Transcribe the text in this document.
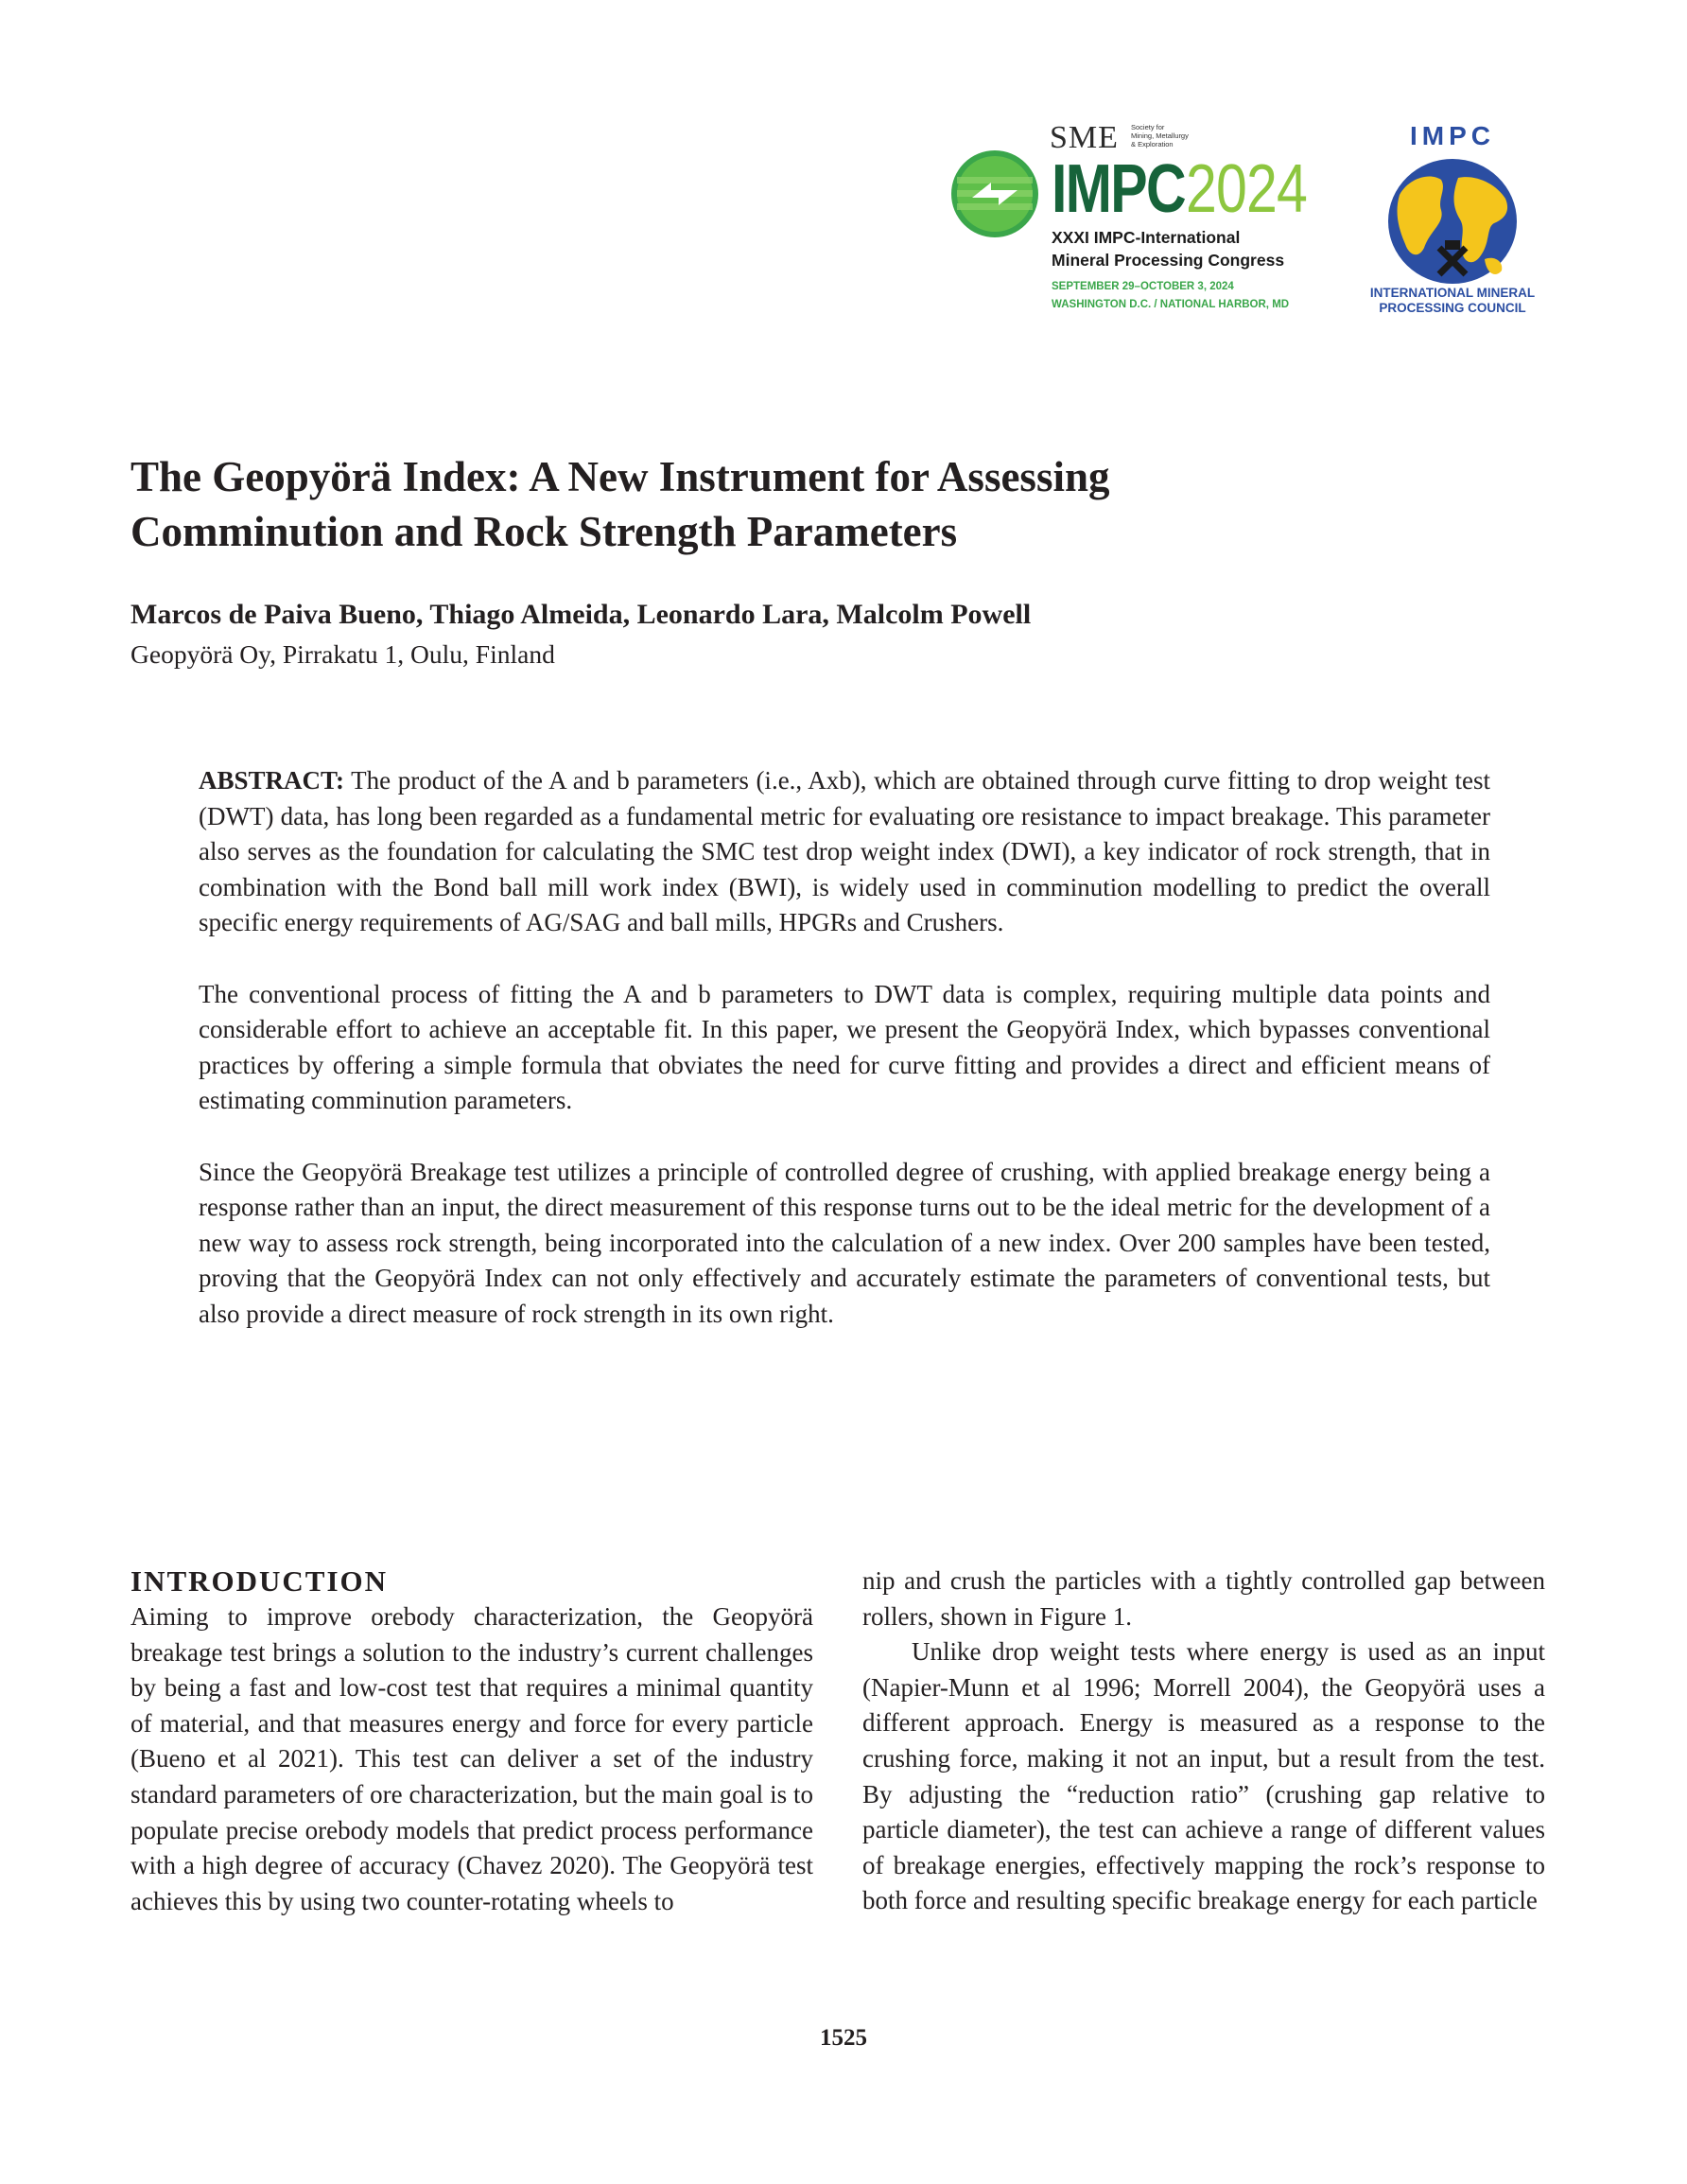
SME Society for
Mining, Metallurgy
& Exploration
IMPC2024
XXXI IMPC-International
Mineral Processing Congress
SEPTEMBER 29–OCTOBER 3, 2024
WASHINGTON D.C. / NATIONAL HARBOR, MD
IMPC
INTERNATIONAL MINERAL
PROCESSING COUNCIL
The Geopyörä Index: A New Instrument for Assessing
Comminution and Rock Strength Parameters
Marcos de Paiva Bueno, Thiago Almeida, Leonardo Lara, Malcolm Powell
Geopyörä Oy, Pirrakatu 1, Oulu, Finland

ABSTRACT: The product of the A and b parameters (i.e., Axb), which are obtained through curve fitting to drop weight test (DWT) data, has long been regarded as a fundamental metric for evaluating ore resistance to impact breakage. This parameter also serves as the foundation for calculating the SMC test drop weight index (DWI), a key indicator of rock strength, that in combination with the Bond ball mill work index (BWI), is widely used in comminution modelling to predict the overall specific energy requirements of AG/SAG and ball mills, HPGRs and Crushers.

The conventional process of fitting the A and b parameters to DWT data is complex, requiring multiple data points and considerable effort to achieve an acceptable fit. In this paper, we present the Geopyörä Index, which bypasses conventional practices by offering a simple formula that obviates the need for curve fitting and provides a direct and efficient means of estimating comminution parameters.

Since the Geopyörä Breakage test utilizes a principle of controlled degree of crushing, with applied breakage energy being a response rather than an input, the direct measurement of this response turns out to be the ideal metric for the development of a new way to assess rock strength, being incorporated into the calculation of a new index. Over 200 samples have been tested, proving that the Geopyörä Index can not only effectively and accurately estimate the parameters of conventional tests, but also provide a direct measure of rock strength in its own right.

INTRODUCTION

Aiming to improve orebody characterization, the Geopyörä breakage test brings a solution to the industry’s current challenges by being a fast and low-cost test that requires a minimal quantity of material, and that measures energy and force for every particle (Bueno et al 2021). This test can deliver a set of the industry standard parameters of ore characterization, but the main goal is to populate precise orebody models that predict process performance with a high degree of accuracy (Chavez 2020). The Geopyörä test achieves this by using two counter-rotating wheels to

nip and crush the particles with a tightly controlled gap between rollers, shown in Figure 1.

Unlike drop weight tests where energy is used as an input (Napier-Munn et al 1996; Morrell 2004), the Geopyörä uses a different approach. Energy is measured as a response to the crushing force, making it not an input, but a result from the test. By adjusting the “reduction ratio” (crushing gap relative to particle diameter), the test can achieve a range of different values of breakage energies, effectively mapping the rock’s response to both force and resulting specific breakage energy for each particle

1525
